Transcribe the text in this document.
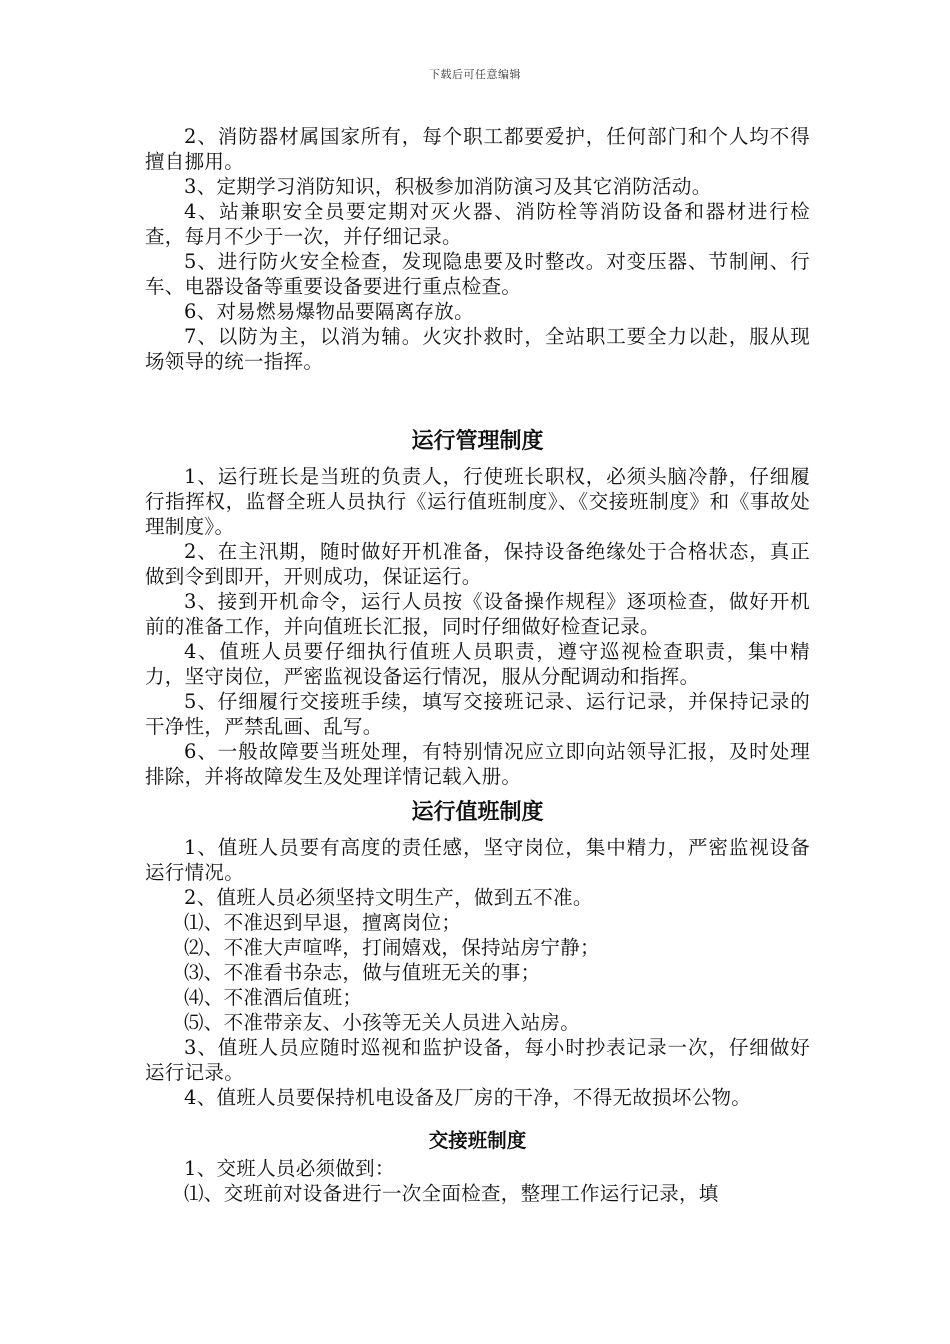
下载后可任意编辑

2、消防器材属国家所有，每个职工都要爱护，任何部门和个人均不得擅自挪用。

3、定期学习消防知识，积极参加消防演习及其它消防活动。

4、站兼职安全员要定期对灭火器、消防栓等消防设备和器材进行检查，每月不少于一次，并仔细记录。

5、进行防火安全检查，发现隐患要及时整改。对变压器、节制闸、行车、电器设备等重要设备要进行重点检查。

6、对易燃易爆物品要隔离存放。

7、以防为主，以消为辅。火灾扑救时，全站职工要全力以赴，服从现场领导的统一指挥。

运行管理制度

1、运行班长是当班的负责人，行使班长职权，必须头脑冷静，仔细履行指挥权，监督全班人员执行《运行值班制度》、《交接班制度》和《事故处理制度》。

2、在主汛期，随时做好开机准备，保持设备绝缘处于合格状态，真正做到令到即开，开则成功，保证运行。

3、接到开机命令，运行人员按《设备操作规程》逐项检查，做好开机前的准备工作，并向值班长汇报，同时仔细做好检查记录。

4、值班人员要仔细执行值班人员职责，遵守巡视检查职责，集中精力，坚守岗位，严密监视设备运行情况，服从分配调动和指挥。

5、仔细履行交接班手续，填写交接班记录、运行记录，并保持记录的干净性，严禁乱画、乱写。

6、一般故障要当班处理，有特别情况应立即向站领导汇报，及时处理排除，并将故障发生及处理详情记载入册。

运行值班制度

1、值班人员要有高度的责任感，坚守岗位，集中精力，严密监视设备运行情况。

2、值班人员必须坚持文明生产，做到五不准。

⑴、不准迟到早退，擅离岗位；

⑵、不准大声喧哗，打闹嬉戏，保持站房宁静；

⑶、不准看书杂志，做与值班无关的事；

⑷、不准酒后值班；

⑸、不准带亲友、小孩等无关人员进入站房。

3、值班人员应随时巡视和监护设备，每小时抄表记录一次，仔细做好运行记录。

4、值班人员要保持机电设备及厂房的干净，不得无故损坏公物。

交接班制度

1、交班人员必须做到：

⑴、交班前对设备进行一次全面检查，整理工作运行记录，填
